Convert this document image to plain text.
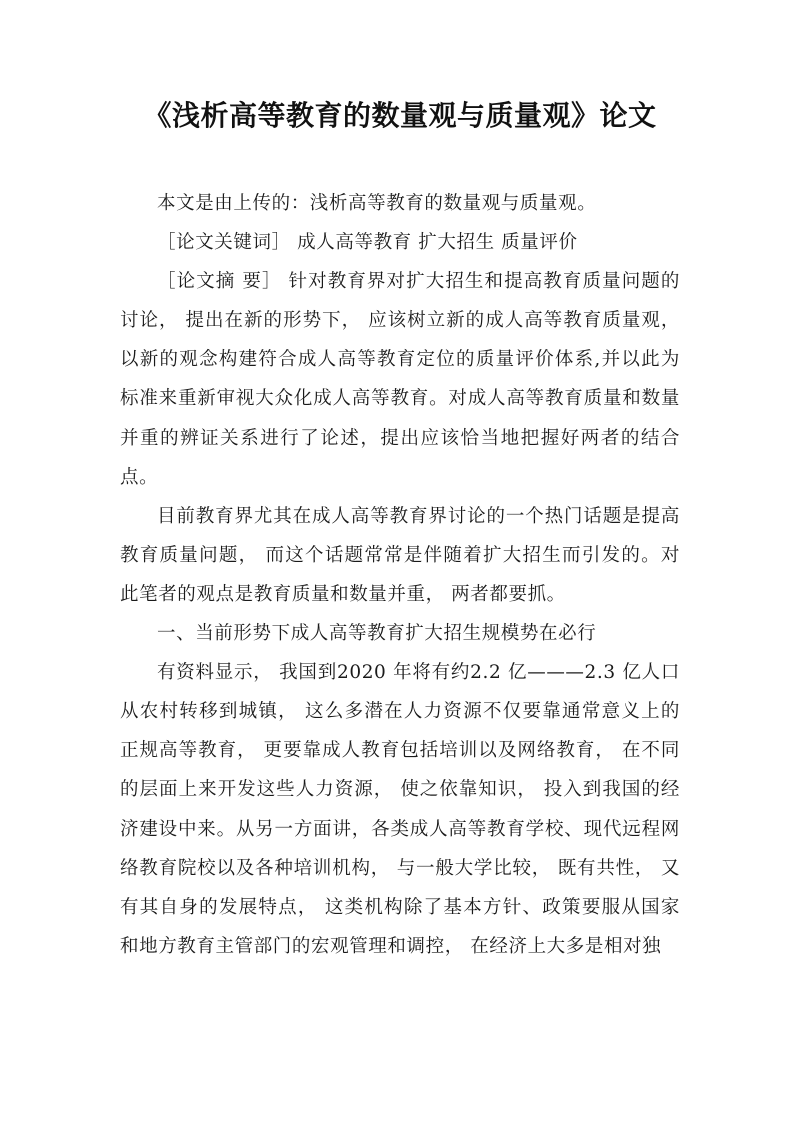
《浅析高等教育的数量观与质量观》论文

本文是由上传的：浅析高等教育的数量观与质量观。

［论文关键词］ 成人高等教育 扩大招生 质量评价

［论文摘 要］ 针对教育界对扩大招生和提高教育质量问题的讨论， 提出在新的形势下， 应该树立新的成人高等教育质量观， 以新的观念构建符合成人高等教育定位的质量评价体系,并以此为标准来重新审视大众化成人高等教育。对成人高等教育质量和数量并重的辨证关系进行了论述，提出应该恰当地把握好两者的结合点。

目前教育界尤其在成人高等教育界讨论的一个热门话题是提高教育质量问题， 而这个话题常常是伴随着扩大招生而引发的。对此笔者的观点是教育质量和数量并重， 两者都要抓。

一、当前形势下成人高等教育扩大招生规模势在必行

有资料显示， 我国到2020 年将有约2.2 亿———2.3 亿人口从农村转移到城镇， 这么多潜在人力资源不仅要靠通常意义上的正规高等教育， 更要靠成人教育包括培训以及网络教育， 在不同的层面上来开发这些人力资源， 使之依靠知识， 投入到我国的经济建设中来。从另一方面讲，各类成人高等教育学校、现代远程网络教育院校以及各种培训机构， 与一般大学比较， 既有共性， 又有其自身的发展特点， 这类机构除了基本方针、政策要服从国家和地方教育主管部门的宏观管理和调控， 在经济上大多是相对独
